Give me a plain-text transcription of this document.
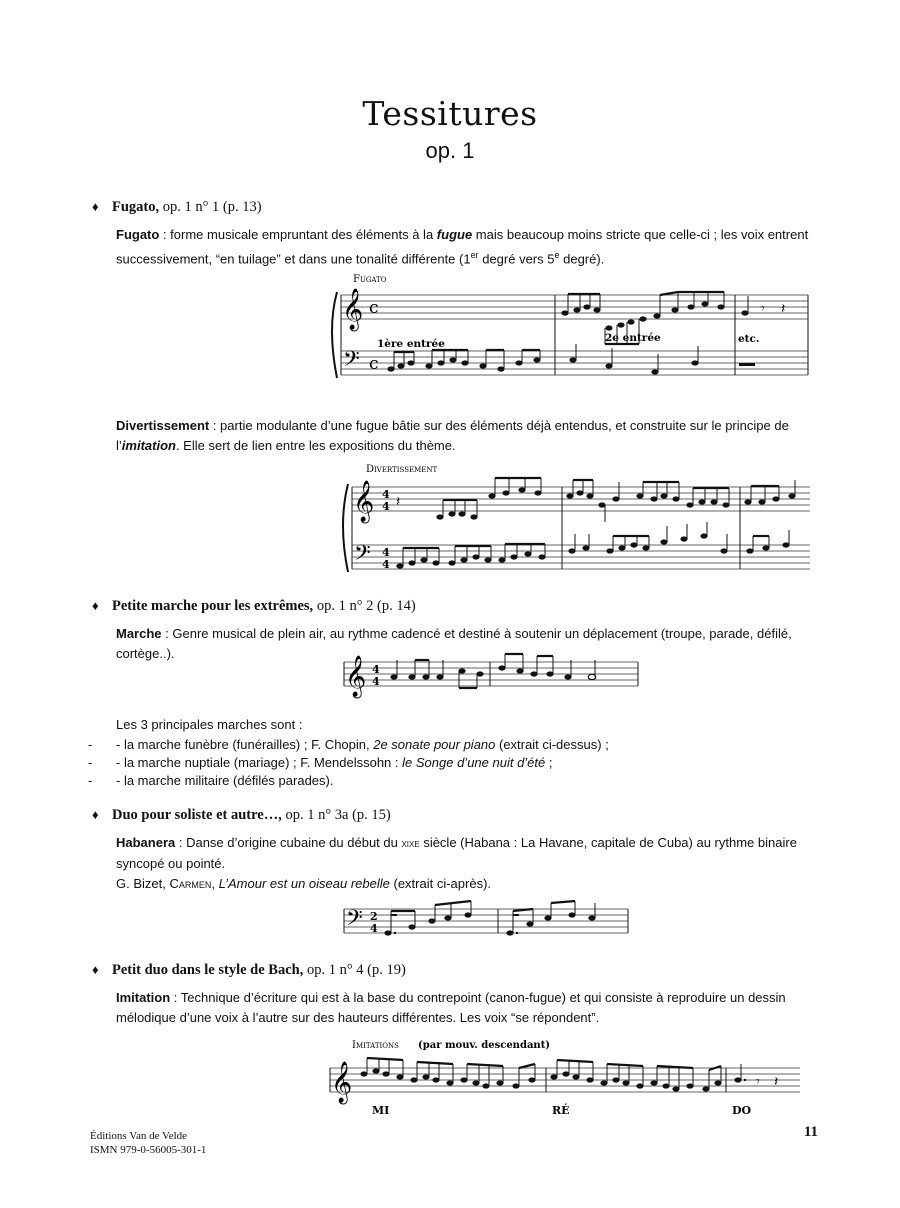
Tessitures
op. 1
♦ Fugato, op. 1 n° 1 (p. 13)
Fugato : forme musicale empruntant des éléments à la fugue mais beaucoup moins stricte que celle-ci ; les voix entrent successivement, “en tuilage” et dans une tonalité différente (1er degré vers 5e degré).
Fugato
𝄞
𝄢
c
c
𝄾 𝄽
1ère entrée	2e entrée	etc.
Divertissement : partie modulante d’une fugue bâtie sur des éléments déjà entendus, et construite sur le principe de l’imitation. Elle sert de lien entre les expositions du thème.
Divertissement
𝄞
𝄢
4
4
4
4
𝄽
♦ Petite marche pour les extrêmes, op. 1 n° 2 (p. 14)
Marche : Genre musical de plein air, au rythme cadencé et destiné à soutenir un déplacement (troupe, parade, défilé, cortège..).
𝄞 4
4
Les 3 principales marches sont :
- - la marche funèbre (funérailles) ; F. Chopin, 2e sonate pour piano (extrait ci-dessus) ;
- - la marche nuptiale (mariage) ; F. Mendelssohn : le Songe d’une nuit d’été ;
- - la marche militaire (défilés parades).
♦ Duo pour soliste et autre…, op. 1 n° 3a (p. 15)
Habanera : Danse d’origine cubaine du début du xixe siècle (Habana : La Havane, capitale de Cuba) au rythme binaire syncopé ou pointé.
G. Bizet, Carmen, L’Amour est un oiseau rebelle (extrait ci-après).
𝄢 2
4
♦ Petit duo dans le style de Bach, op. 1 n° 4 (p. 19)
Imitation : Technique d’écriture qui est à la base du contrepoint (canon-fugue) et qui consiste à reproduire un dessin mélodique d’une voix à l’autre sur des hauteurs différentes. Les voix “se répondent”.
Imitations (par mouv. descendant)
𝄞	𝄾 𝄽
MI	RÉ	DO
Éditions Van de Velde
ISMN 979-0-56005-301-1
11
